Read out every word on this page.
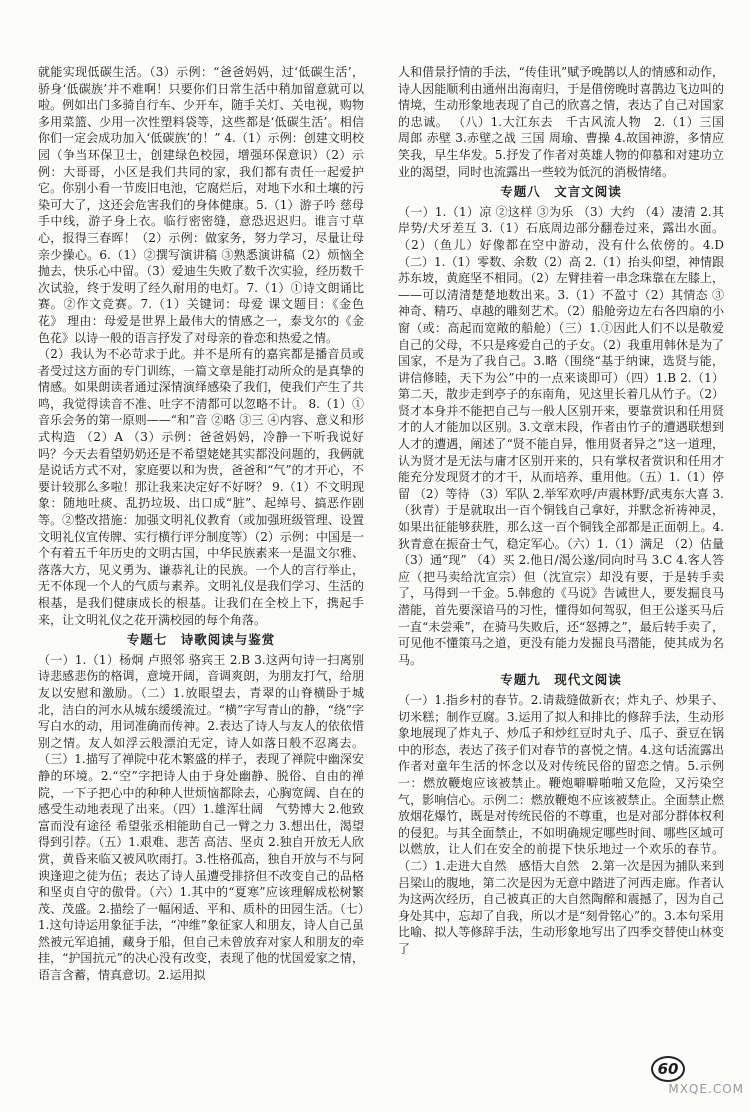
就能实现低碳生活。（3）示例：“爸爸妈妈，过‘低碳生活’，骄身‘低碳族’并不难啊！只要你们日常生活中稍加留意就可以啦。例如出门多骑自行车、少开车，随手关灯、关电视，购物多用菜篮、少用一次性塑料袋等，这些都是‘低碳生活’。相信你们一定会成功加入‘低碳族’的！” 4.（1）示例：创建文明校园（争当环保卫士，创建绿色校园，增强环保意识）（2）示例：大哥哥，小区是我们共同的家，我们都有责任一起爱护它。你别小看一节废旧电池，它腐烂后，对地下水和土壤的污染可大了，这还会危害我们的身体健康。5.（1）游子吟 慈母手中线，游子身上衣。临行密密缝，意恐迟迟归。谁言寸草心，报得三春晖！（2）示例：做家务，努力学习，尽量让母亲少操心。6.（1）②撰写演讲稿 ③熟悉演讲稿（2）烦恼全抛去，快乐心中留。（3）爱迪生失败了数千次实验，经历数千次试验，终于发明了经久耐用的电灯。7.（1）①诗文朗诵比赛。②作文竞赛。7.（1）关键词：母爱 课文题目：《金色花》 理由：母爱是世界上最伟大的情感之一，泰戈尔的《金色花》以诗一般的语言抒发了对母亲的眷恋和热爱之情。

（2）我认为不必苛求于此。并不是所有的嘉宾都是播音员或者受过这方面的专门训练，一篇文章是能打动所众的是真挚的情感。如果朗读者通过深情演绎感染了我们，使我们产生了共鸣，我觉得读音不准、吐字不清都可以忽略不计。 8.（1）①音乐会务的第一原则——“和”音 ②略 ③三 ④内容、意义和形式构造 （2）A （3）示例：爸爸妈妈，冷静一下听我说好吗？今天去看望奶奶还是不希望姥姥其实都没问题的，我俩就是说话方式不对，家庭要以和为贵，爸爸和“气”的才开心，不要计较那么多啦！那让我来决定好不好呀？ 9.（1）不文明现象：随地吐痰、乱扔垃圾、出口成“脏”、起绰号、搞恶作剧等。②整改措施：加强文明礼仪教育（或加强班级管理、设置文明礼仪宣传牌、实行横行评分制度等）（2）示例：中国是一个有着五千年历史的文明古国，中华民族素来一是温文尔雅、落落大方，见义勇为、谦恭礼让的民族。一个人的言行举止，无不体现一个人的气质与素养。文明礼仪是我们学习、生活的根基，是我们健康成长的根基。让我们在全校上下，携起手来，让文明礼仪之花开满校园的每个角落。

专题七　诗歌阅读与鉴赏

（一）1.（1）杨炯 卢照邻 骆宾王 2.B 3.这两句诗一扫离别诗悲感悲伤的格调，意境开阔，音调爽朗，为朋友打气，给朋友以安慰和激励。（二）1.放眼望去，青翠的山脊横卧于城北，洁白的河水从城东缓缓流过。“横”字写青山的静，“绕”字写白水的动，用词准确而传神。2.表达了诗人与友人的依依惜别之情。友人如浮云般漂泊无定，诗人如落日般不忍离去。（三）1.描写了禅院中花木繁盛的样子，表现了禅院中幽深安静的环境。2.“空”字把诗人由于身处幽静、脱俗、自由的禅院，一下子把心中的种种人世烦恼都除去，心胸宽阔、自在的感受生动地表现了出来。（四）1.雄浑壮阔　气势博大 2.他致富而没有途径 希望张丞相能助自己一臂之力 3.想出仕，渴望得到引荐。（五）1.艰难、悲苦 高洁、坚贞 2.独自开放无人欣赏，黄昏来临又被风吹雨打。3.性格孤高，独自开放与不与阿谀逢迎之徒为伍；表达了诗人虽遭受排挤但不改变自己的品格和坚贞自守的傲骨。（六）1.其中的“夏寒”应该理解成松树繁茂、茂盛。2.描绘了一幅闲适、平和、质朴的田园生活。（七）1.这句诗运用象征手法，“冲维”象征家人和朋友，诗人自己虽然被元军追捕，藏身于船，但自己未曾放弃对家人和朋友的牵挂，“护国抗元”的决心没有改变，表现了他的忧国爱家之情，语言含蓄，情真意切。2.运用拟

人和借景抒情的手法，“传佳讯”赋予晚鹊以人的情感和动作，诗人因能顺利由通州出海南归，于是借傍晚时喜鹊边飞边叫的情境，生动形象地表现了自己的欣喜之情，表达了自己对国家的忠诚。 （八）1.大江东去　千古风流人物　2.（1）三国 周郎 赤壁 3.赤壁之战 三国 周瑜、曹操 4.故国神游，多情应笑我，早生华发。5.抒发了作者对英雄人物的仰慕和对建功立业的渴望，同时也流露出一些较为低沉的消极情绪。

专题八　文言文阅读

（一）1.（1）凉 ②这样 ③为乐 （3）大约 （4）凄清 2.其岸势/犬牙差互 3.（1）石底周边部分翻卷过来，露出水面。（2）（鱼儿）好像都在空中游动，没有什么依傍的。4.D （二）1.（1）零数、余数（2）高 2.（1）抬头仰望，神情跟苏东坡，黄庭坚不相同。（2）左臂挂着一串念珠靠在左膝上，——可以清清楚楚地数出来。3.（1）不盈寸（2）其情态 ③神奇、精巧、卓越的雕刻艺术。（2）船舱旁边左右各四扇的小窗（或：高起而宽敞的船舱）（三）1.①因此人们不以是敬爱自己的父母，不只是疼爱自己的子女。（2）我重用韩休是为了国家，不是为了我自己。3.略（围绕“基于纳谏，选贤与能，讲信修睦，天下为公”中的一点来谈即可）（四）1.B 2.（1）第二天，散步走到亭子的东南角，见这里长着几从竹子。（2）贤才本身并不能把自己与一般人区别开来，要靠赏识和任用贤才的人才能加以区别。3.文章末段，作者由竹子的遭遇联想到人才的遭遇，阐述了“贤不能自异，惟用贤者异之”这一道理，认为贤才是无法与庸才区别开来的，只有掌权者赏识和任用才能充分发现贤才的才干，从而培养、重用他。（五）1.（1）停留 （2）等待 （3）军队 2.举军欢呼/声震林野/武夷东大喜 3.（狄青）于是就取出一百个铜钱自己拿好，并默念祈祷神灵，如果出征能够获胜，那么这一百个铜钱全部都是正面朝上。4.狄青意在振奋士气，稳定军心。（六）1.（1）满足 （2）估量 （3）通“现” （4）买 2.他日/渴公遂/同向时马 3.C 4.客人答应（把马卖给沈宣宗）但（沈宣宗）却没有要，于是转手卖了，马得到一千金。5.韩愈的《马说》告诫世人，要发掘良马潜能，首先要深谙马的习性，懂得如何驾驭，但王公遂买马后一直“未尝乘”，在骑马失败后，还“怒搏之”，最后转手卖了，可见他不懂策马之道，更没有能力发掘良马潜能，使其成为名马。

专题九　现代文阅读

（一）1.指乡村的春节。2.请裁缝做新衣；炸丸子、炒果子、切米糕；制作豆腐。3.运用了拟人和排比的修辞手法，生动形象地展现了炸丸子、炒瓜子和炒红豆时丸子、瓜子、蚕豆在锅中的形态，表达了孩子们对春节的喜悦之情。4.这句话流露出作者对童年生活的怀念以及对传统民俗的留恋之情。5.示例一：燃放鞭炮应该被禁止。鞭炮噼噼啪啪又危险，又污染空气，影响信心。示例二：燃放鞭炮不应该被禁止。全面禁止燃放烟花爆竹，既是对传统民俗的不尊重，也是对部分群体权利的侵犯。与其全面禁止，不如明确规定哪些时间、哪些区域可以燃放，让人们在安全的前提下快乐地过一个欢乐的春节。（二）1.走进大自然　感悟大自然　2.第一次是因为捕队来到吕梁山的腹地，第二次是因为无意中踏进了河西走廊。作者认为这两次经历，自己被真正的大自然陶醉和震撼了，因为自己身处其中，忘却了自我，所以才是“刻骨铭心”的。3.本句采用比喻、拟人等修辞手法，生动形象地写出了四季交替使山林变了

60
MXQE.COM
